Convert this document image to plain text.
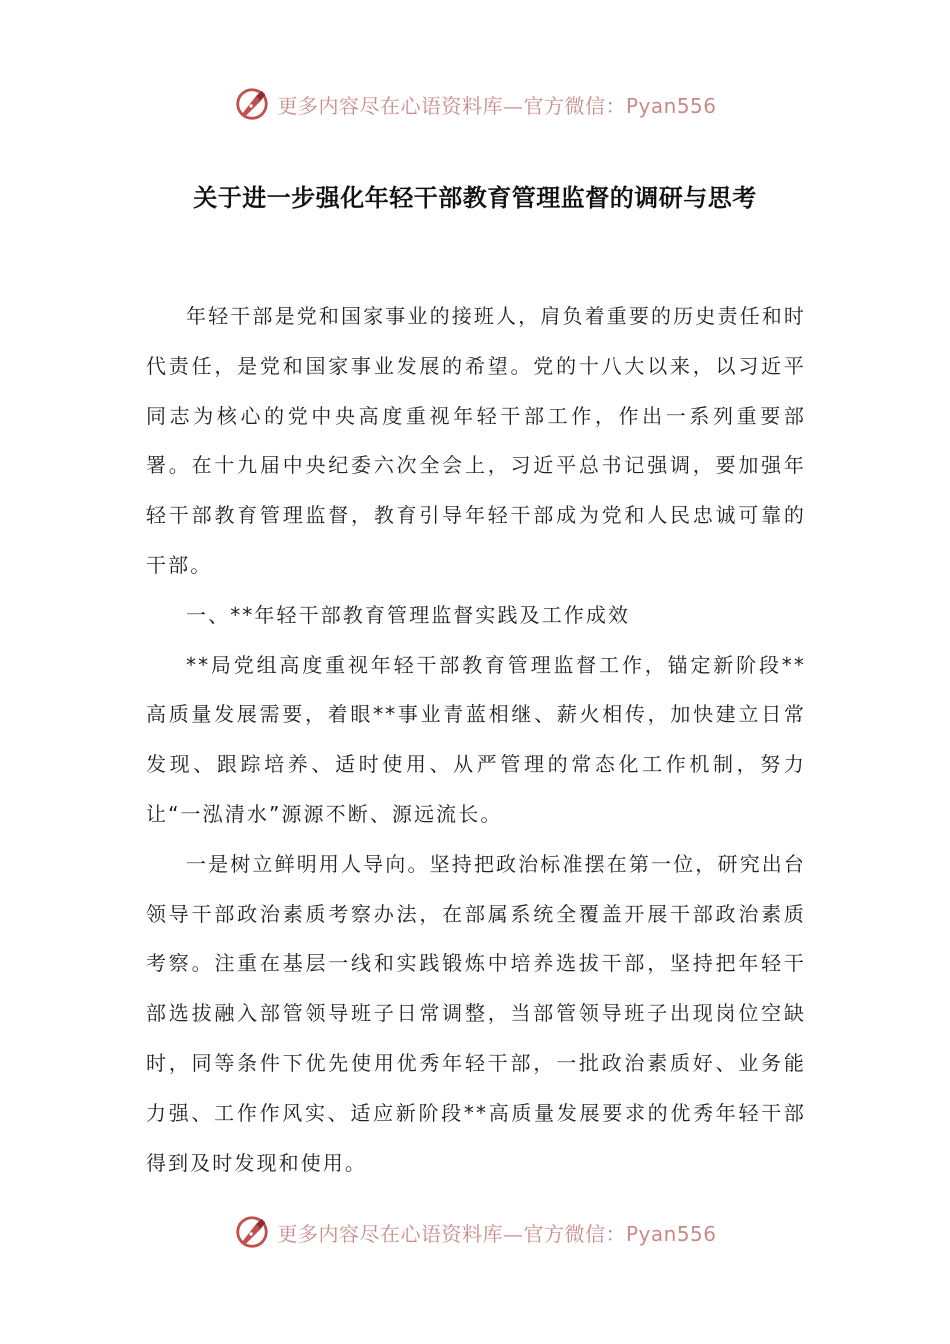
更多内容尽在心语资料库—官方微信：Pyan556
关于进一步强化年轻干部教育管理监督的调研与思考

年轻干部是党和国家事业的接班人，肩负着重要的历史责任和时代责任，是党和国家事业发展的希望。党的十八大以来，以习近平同志为核心的党中央高度重视年轻干部工作，作出一系列重要部署。在十九届中央纪委六次全会上，习近平总书记强调，要加强年轻干部教育管理监督，教育引导年轻干部成为党和人民忠诚可靠的干部。

一、**年轻干部教育管理监督实践及工作成效

**局党组高度重视年轻干部教育管理监督工作，锚定新阶段**高质量发展需要，着眼**事业青蓝相继、薪火相传，加快建立日常发现、跟踪培养、适时使用、从严管理的常态化工作机制，努力让“一泓清水”源源不断、源远流长。

一是树立鲜明用人导向。坚持把政治标准摆在第一位，研究出台领导干部政治素质考察办法，在部属系统全覆盖开展干部政治素质考察。注重在基层一线和实践锻炼中培养选拔干部，坚持把年轻干部选拔融入部管领导班子日常调整，当部管领导班子出现岗位空缺时，同等条件下优先使用优秀年轻干部，一批政治素质好、业务能力强、工作作风实、适应新阶段**高质量发展要求的优秀年轻干部得到及时发现和使用。

更多内容尽在心语资料库—官方微信：Pyan556
